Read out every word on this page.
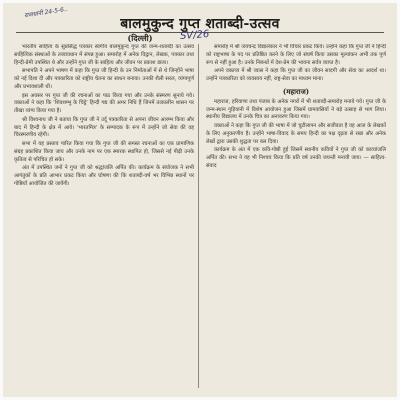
राजधानी 24-5-6..
बालमुकुन्द गुप्त शताब्दी-उत्सव
(दिल्ली)	SV/26

भारतीय साहित्य के सुप्रसिद्ध पत्रकार स्वर्गीय बालमुकुन्द गुप्त की जन्म-शताब्दी का उत्सव साहित्यिक संस्थाओं के तत्त्वावधान में संपन्न हुआ। समारोह में अनेक विद्वान, लेखक, पत्रकार तथा हिन्दी-प्रेमी उपस्थित थे और उन्होंने गुप्त जी के साहित्य और जीवन पर प्रकाश डाला।

सभापति ने अपने भाषण में कहा कि गुप्त जी हिन्दी के उन निर्माताओं में से थे जिन्होंने भाषा को नई दिशा दी और पत्रकारिता को राष्ट्रीय चेतना का साधन बनाया। उनकी शैली सरल, व्यंग्यपूर्ण और प्रभावशाली थी।

इस अवसर पर गुप्त जी की रचनाओं का पाठ किया गया और उनके संस्मरण सुनाये गये। वक्ताओं ने कहा कि 'शिवशम्भु के चिट्ठे' हिन्दी गद्य की अमर निधि हैं जिनमें तत्कालीन शासन पर तीखा व्यंग्य किया गया है।

श्री विश्वनाथ जी ने बताया कि गुप्त जी ने उर्दू पत्रकारिता से अपना जीवन आरम्भ किया और बाद में हिन्दी के क्षेत्र में आये। 'भारतमित्र' के सम्पादक के रूप में उन्होंने जो सेवा की वह चिरस्मरणीय रहेगी।

सभा में यह प्रस्ताव पारित किया गया कि गुप्त जी की समस्त रचनाओं का एक प्रामाणिक संग्रह प्रकाशित किया जाय और उनके नाम पर एक स्मारक स्थापित हो, जिससे नई पीढ़ी उनके कृतित्व से परिचित हो सके।

अंत में उपस्थित जनों ने गुप्त जी को श्रद्धांजलि अर्पित की। कार्यक्रम के संयोजक ने सभी आगंतुकों के प्रति आभार प्रकट किया और घोषणा की कि शताब्दी-वर्ष भर विभिन्न स्थानों पर गोष्ठियाँ आयोजित की जायेंगी।

समारोह में श्री जयचन्द्र विद्यालंकार ने भी विचार प्रकट किये। उन्होंने कहा कि गुप्त जी ने हिन्दी को राष्ट्रभाषा के पद पर प्रतिष्ठित करने के लिए जो संघर्ष किया उसका मूल्यांकन अभी तक पूर्ण रूप से नहीं हुआ है। उनके निबन्धों में देश-प्रेम की भावना सर्वत्र व्याप्त है।

अपने वक्तव्य में श्री व्यास ने कहा कि गुप्त जी का जीवन सादगी और सेवा का आदर्श था। उन्होंने पत्रकारिता को व्यवसाय नहीं, राष्ट्र-सेवा का माध्यम माना।

(महाराज)

महाराज, हरियाणा तथा पंजाब के अनेक नगरों में भी शताब्दी-समारोह मनाये गये। गुप्त जी के जन्म-स्थान गुड़ियानी में विशेष आयोजन हुआ जिसमें ग्रामवासियों ने बड़े उत्साह से भाग लिया। स्थानीय विद्यालय में उनके चित्र का अनावरण किया गया।

वक्ताओं ने कहा कि गुप्त जी की भाषा में जो चुटीलापन और सजीवता है वह आज के लेखकों के लिए अनुकरणीय है। उन्होंने भाषा-विवाद के समय हिन्दी का पक्ष दृढ़ता से रखा और अनेक लेखों द्वारा उसकी शुद्धता पर बल दिया।

कार्यक्रम के अंत में एक कवि-गोष्ठी हुई जिसमें स्थानीय कवियों ने गुप्त जी को काव्यांजलि अर्पित की। सभा ने यह भी निश्चय किया कि प्रति वर्ष उनकी जयन्ती मनायी जाय। — साहित्य-संवाद
